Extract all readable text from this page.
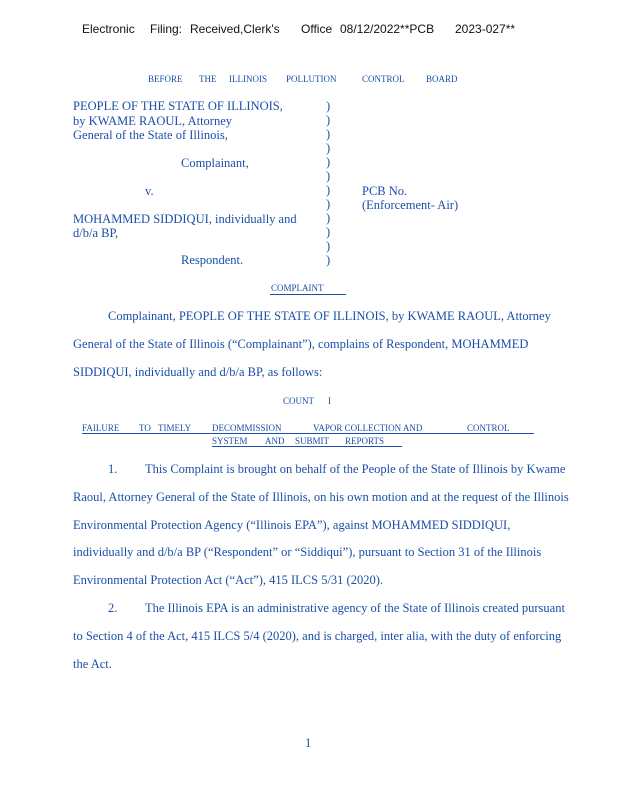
Electronic Filing: Received,Clerk's Office 08/12/2022**PCB 2023-027**
BEFORE THE ILLINOIS POLLUTION	CONTROL BOARD
PEOPLE OF THE STATE OF ILLINOIS,
by KWAME RAOUL, Attorney
General of the State of Illinois,
Complainant,
v.	PCB No.
(Enforcement- Air)
MOHAMMED SIDDIQUI, individually and
d/b/a BP,
Respondent.
)
)
)
)
)
)
)
)
)
)
)
)
COMPLAINT
Complainant, PEOPLE OF THE STATE OF ILLINOIS, by KWAME RAOUL, Attorney
General of the State of Illinois (“Complainant”), complains of Respondent, MOHAMMED
SIDDIQUI, individually and d/b/a BP, as follows:
COUNT I
FAILURE TO TIMELY DECOMMISSION	VAPOR COLLECTION AND	CONTROL
SYSTEM AND SUBMIT REPORTS
1. This Complaint is brought on behalf of the People of the State of Illinois by Kwame
Raoul, Attorney General of the State of Illinois, on his own motion and at the request of the Illinois
Environmental Protection Agency (“Illinois EPA”), against MOHAMMED SIDDIQUI,
individually and d/b/a BP (“Respondent” or “Siddiqui”), pursuant to Section 31 of the Illinois
Environmental Protection Act (“Act”), 415 ILCS 5/31 (2020).
2. The Illinois EPA is an administrative agency of the State of Illinois created pursuant
to Section 4 of the Act, 415 ILCS 5/4 (2020), and is charged, inter alia, with the duty of enforcing
the Act.
1
